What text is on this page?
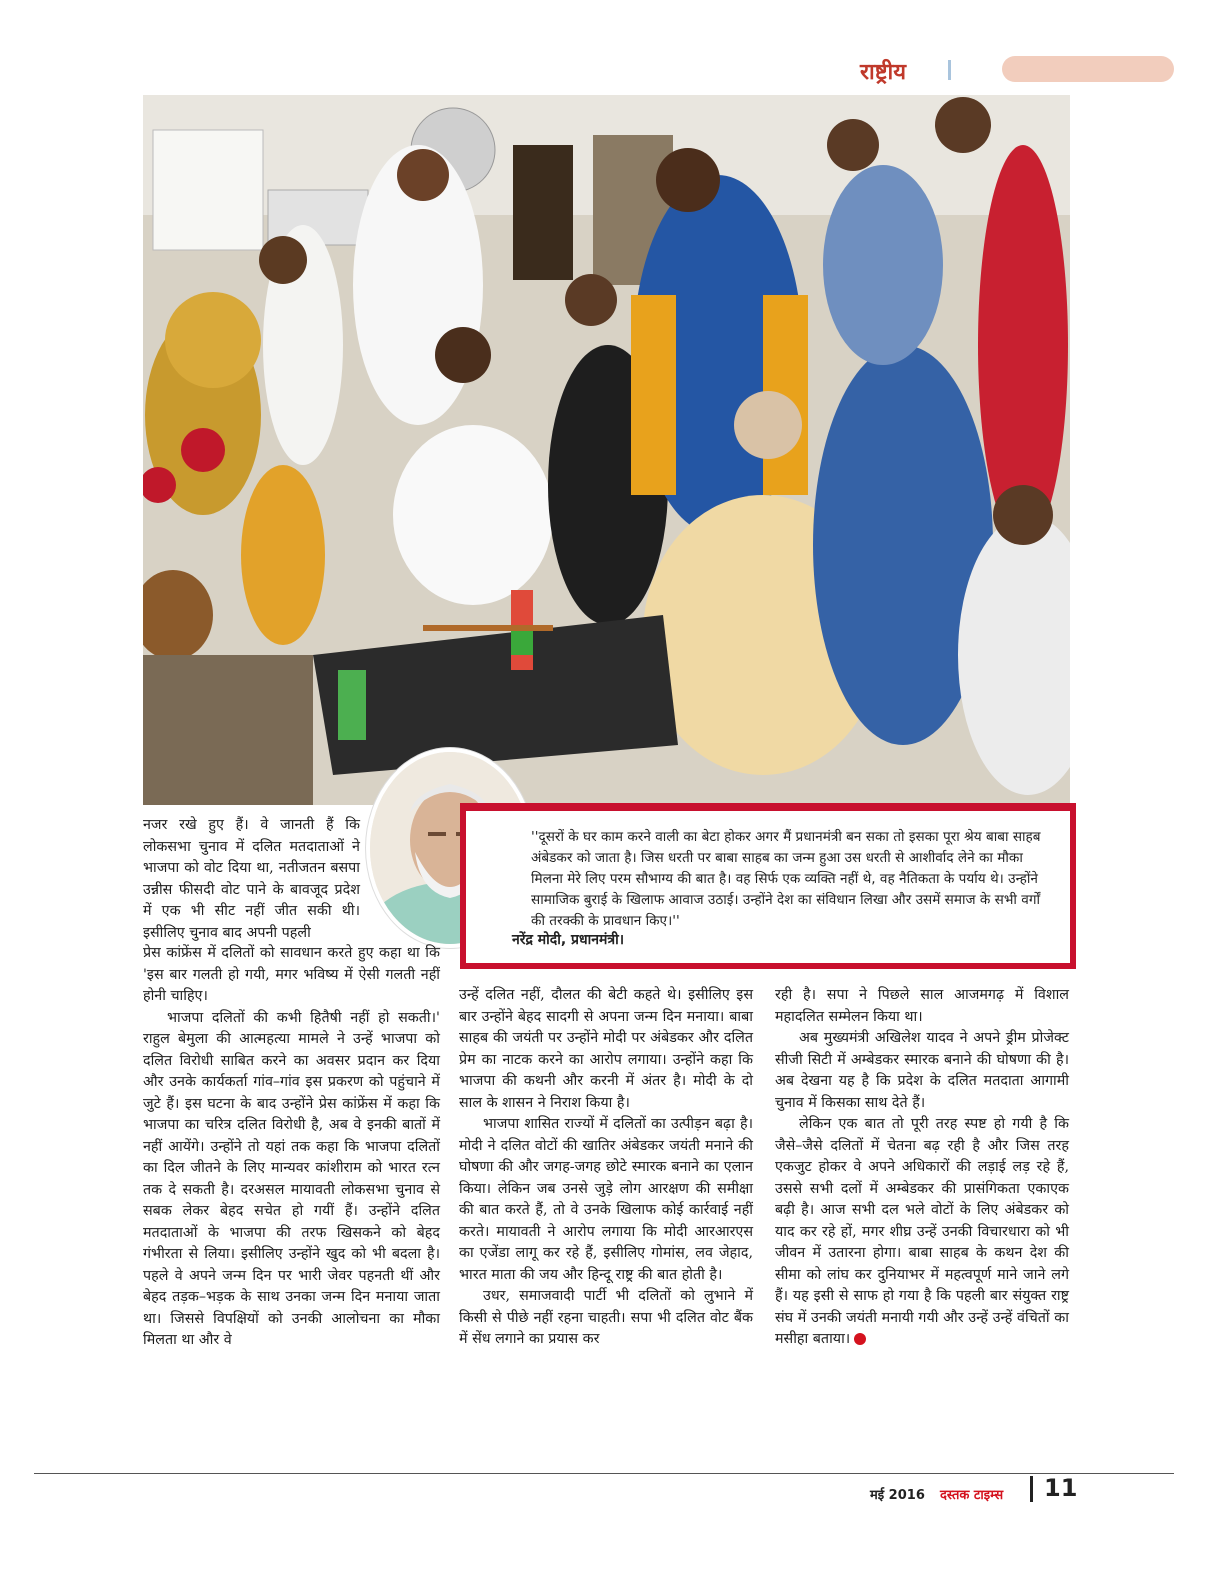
राष्ट्रीय
''दूसरों के घर काम करने वाली का बेटा होकर अगर मैं प्रधानमंत्री बन सका तो इसका पूरा श्रेय बाबा साहब अंबेडकर को जाता है। जिस धरती पर बाबा साहब का जन्म हुआ उस धरती से आशीर्वाद लेने का मौका मिलना मेरे लिए परम सौभाग्य की बात है। वह सिर्फ एक व्यक्ति नहीं थे, वह नैतिकता के पर्याय थे। उन्होंने सामाजिक बुराई के खिलाफ आवाज उठाई। उन्होंने देश का संविधान लिखा और उसमें समाज के सभी वर्गों की तरक्की के प्रावधान किए।''
नरेंद्र मोदी, प्रधानमंत्री।

नजर रखे हुए हैं। वे जानती हैं कि लोकसभा चुनाव में दलित मतदाताओं ने भाजपा को वोट दिया था, नतीजतन बसपा उन्नीस फीसदी वोट पाने के बावजूद प्रदेश में एक भी सीट नहीं जीत सकी थी। इसीलिए चुनाव बाद अपनी पहली

प्रेस कांफ्रेंस में दलितों को सावधान करते हुए कहा था कि 'इस बार गलती हो गयी, मगर भविष्य में ऐसी गलती नहीं होनी चाहिए।

भाजपा दलितों की कभी हितैषी नहीं हो सकती।' राहुल बेमुला की आत्महत्या मामले ने उन्हें भाजपा को दलित विरोधी साबित करने का अवसर प्रदान कर दिया और उनके कार्यकर्ता गांव–गांव इस प्रकरण को पहुंचाने में जुटे हैं। इस घटना के बाद उन्होंने प्रेस कांफ्रेंस में कहा कि भाजपा का चरित्र दलित विरोधी है, अब वे इनकी बातों में नहीं आयेंगे। उन्होंने तो यहां तक कहा कि भाजपा दलितों का दिल जीतने के लिए मान्यवर कांशीराम को भारत रत्न तक दे सकती है। दरअसल मायावती लोकसभा चुनाव से सबक लेकर बेहद सचेत हो गयीं हैं। उन्होंने दलित मतदाताओं के भाजपा की तरफ खिसकने को बेहद गंभीरता से लिया। इसीलिए उन्होंने खुद को भी बदला है। पहले वे अपने जन्म दिन पर भारी जेवर पहनती थीं और बेहद तड़क–भड़क के साथ उनका जन्म दिन मनाया जाता था। जिससे विपक्षियों को उनकी आलोचना का मौका मिलता था और वे

उन्हें दलित नहीं, दौलत की बेटी कहते थे। इसीलिए इस बार उन्होंने बेहद सादगी से अपना जन्म दिन मनाया। बाबा साहब की जयंती पर उन्होंने मोदी पर अंबेडकर और दलित प्रेम का नाटक करने का आरोप लगाया। उन्होंने कहा कि भाजपा की कथनी और करनी में अंतर है। मोदी के दो साल के शासन ने निराश किया है।

भाजपा शासित राज्यों में दलितों का उत्पीड़न बढ़ा है। मोदी ने दलित वोटों की खातिर अंबेडकर जयंती मनाने की घोषणा की और जगह-जगह छोटे स्मारक बनाने का एलान किया। लेकिन जब उनसे जुड़े लोग आरक्षण की समीक्षा की बात करते हैं, तो वे उनके खिलाफ कोई कार्रवाई नहीं करते। मायावती ने आरोप लगाया कि मोदी आरआरएस का एजेंडा लागू कर रहे हैं, इसीलिए गोमांस, लव जेहाद, भारत माता की जय और हिन्दू राष्ट्र की बात होती है।

उधर, समाजवादी पार्टी भी दलितों को लुभाने में किसी से पीछे नहीं रहना चाहती। सपा भी दलित वोट बैंक में सेंध लगाने का प्रयास कर

रही है। सपा ने पिछले साल आजमगढ़ में विशाल महादलित सम्मेलन किया था।

अब मुख्यमंत्री अखिलेश यादव ने अपने ड्रीम प्रोजेक्ट सीजी सिटी में अम्बेडकर स्मारक बनाने की घोषणा की है। अब देखना यह है कि प्रदेश के दलित मतदाता आगामी चुनाव में किसका साथ देते हैं।

लेकिन एक बात तो पूरी तरह स्पष्ट हो गयी है कि जैसे–जैसे दलितों में चेतना बढ़ रही है और जिस तरह एकजुट होकर वे अपने अधिकारों की लड़ाई लड़ रहे हैं, उससे सभी दलों में अम्बेडकर की प्रासंगिकता एकाएक बढ़ी है। आज सभी दल भले वोटों के लिए अंबेडकर को याद कर रहे हों, मगर शीघ्र उन्हें उनकी विचारधारा को भी जीवन में उतारना होगा। बाबा साहब के कथन देश की सीमा को लांघ कर दुनियाभर में महत्वपूर्ण माने जाने लगे हैं। यह इसी से साफ हो गया है कि पहली बार संयुक्त राष्ट्र संघ में उनकी जयंती मनायी गयी और उन्हें उन्हें वंचितों का मसीहा बताया।

मई 2016 दस्तक टाइम्स 11
